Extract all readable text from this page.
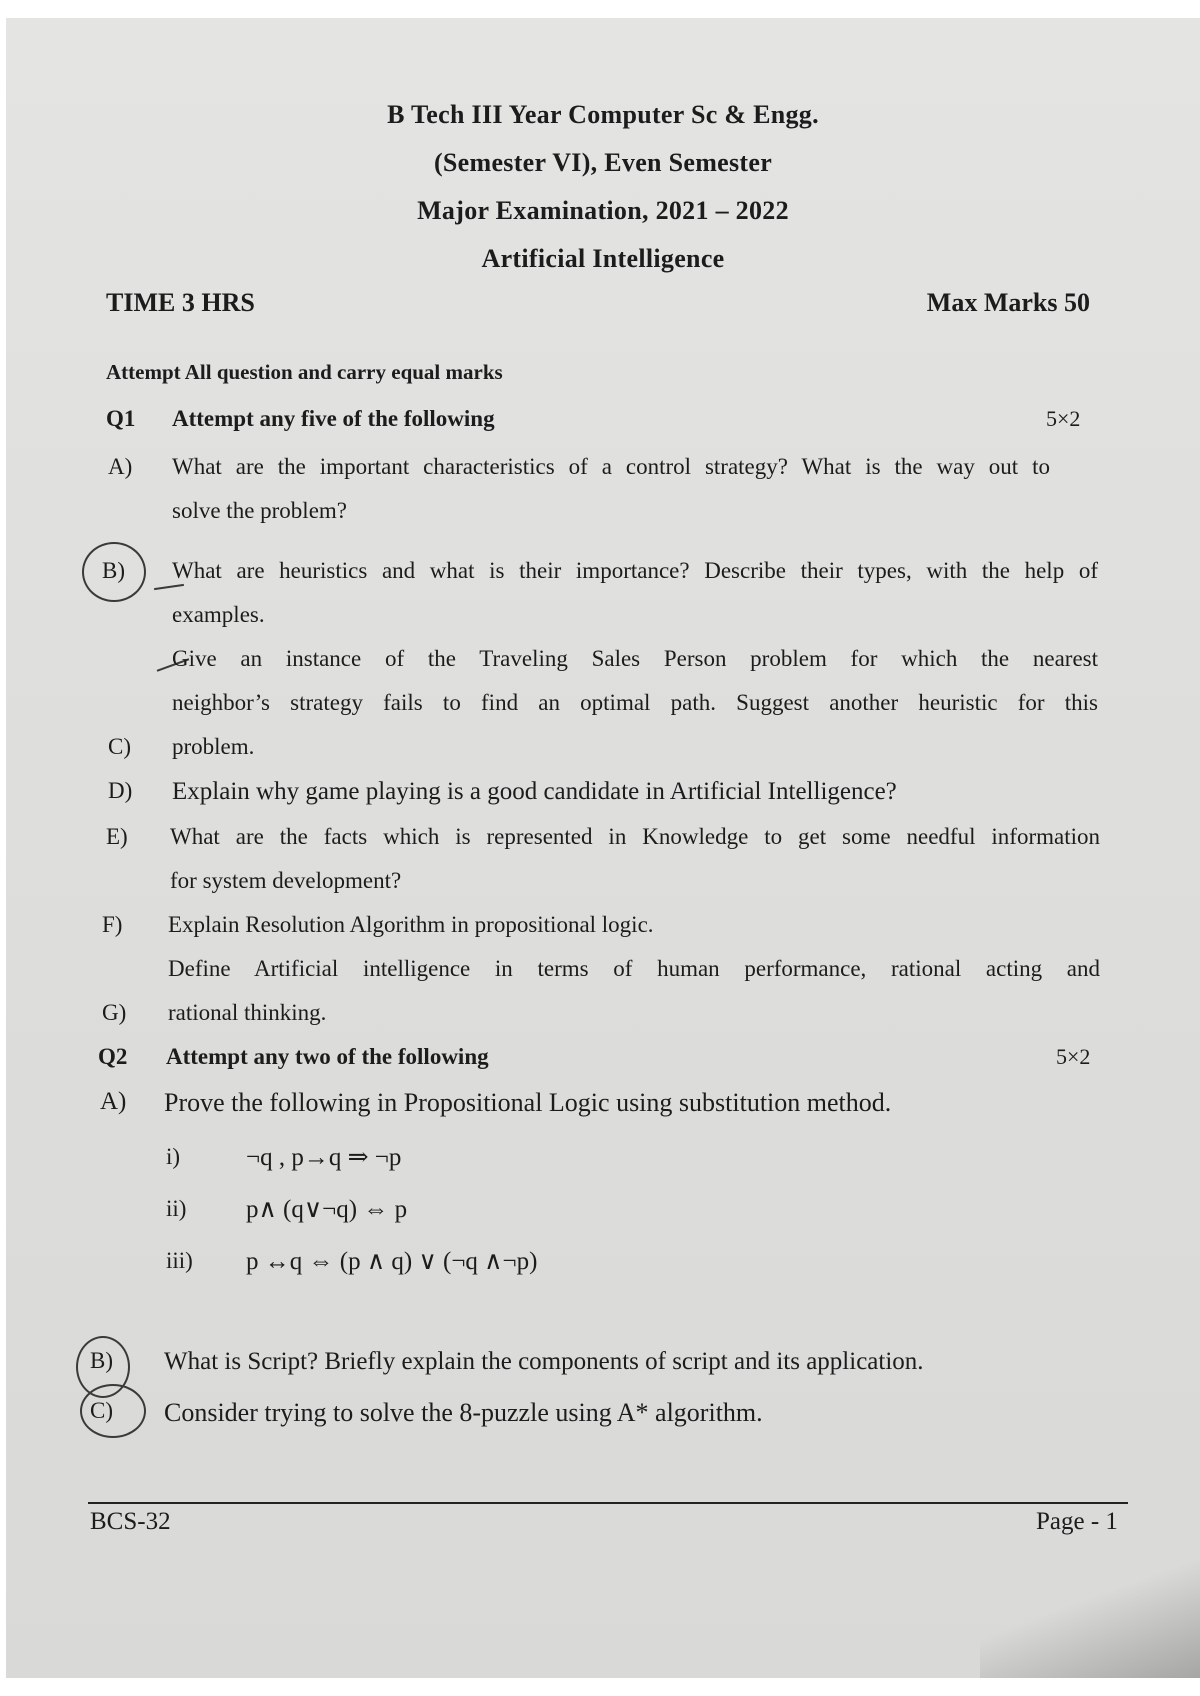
B Tech III Year Computer Sc & Engg.
(Semester VI), Even Semester
Major Examination, 2021 – 2022
Artificial Intelligence
TIME 3 HRS	Max Marks 50
Attempt All question and carry equal marks
Q1 Attempt any five of the following	5×2
A) What are the important characteristics of a control strategy? What is the way out to
solve the problem?
B) What are heuristics and what is their importance? Describe their types, with the help of
examples.
Give an instance of the Traveling Sales Person problem for which the nearest
neighbor’s strategy fails to find an optimal path. Suggest another heuristic for this
C) problem.
D) Explain why game playing is a good candidate in Artificial Intelligence?
E) What are the facts which is represented in Knowledge to get some needful information
for system development?
F) Explain Resolution Algorithm in propositional logic.
Define Artificial intelligence in terms of human performance, rational acting and
G) rational thinking.
Q2 Attempt any two of the following	5×2
A) Prove the following in Propositional Logic using substitution method.
i)	¬q , p→q ⇒ ¬p
ii) p∧ (q∨¬q) ⇔ p
iii) p ↔q ⇔ (p ∧ q) ∨ (¬q ∧¬p)
B) What is Script? Briefly explain the components of script and its application.
C) Consider trying to solve the 8-puzzle using A* algorithm.
BCS-32	Page - 1
